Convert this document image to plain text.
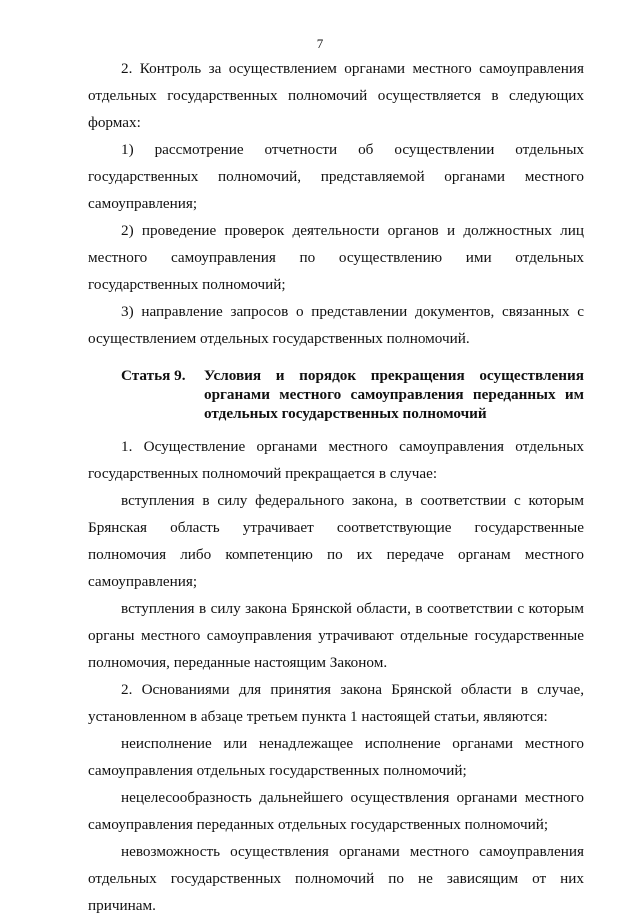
7

2. Контроль за осуществлением органами местного самоуправления отдельных государственных полномочий осуществляется в следующих формах:

1) рассмотрение отчетности об осуществлении отдельных государственных полномочий, представляемой органами местного самоуправления;

2) проведение проверок деятельности органов и должностных лиц местного самоуправления по осуществлению ими отдельных государственных полномочий;

3) направление запросов о представлении документов, связанных с осуществлением отдельных государственных полномочий.

Статья 9. Условия и порядок прекращения осуществления органами местного самоуправления переданных им отдельных государственных полномочий

1. Осуществление органами местного самоуправления отдельных государственных полномочий прекращается в случае:

вступления в силу федерального закона, в соответствии с которым Брянская область утрачивает соответствующие государственные полномочия либо компетенцию по их передаче органам местного самоуправления;

вступления в силу закона Брянской области, в соответствии с которым органы местного самоуправления утрачивают отдельные государственные полномочия, переданные настоящим Законом.

2. Основаниями для принятия закона Брянской области в случае, установленном в абзаце третьем пункта 1 настоящей статьи, являются:

неисполнение или ненадлежащее исполнение органами местного самоуправления отдельных государственных полномочий;

нецелесообразность дальнейшего осуществления органами местного самоуправления переданных отдельных государственных полномочий;

невозможность осуществления органами местного самоуправления отдельных государственных полномочий по не зависящим от них причинам.
